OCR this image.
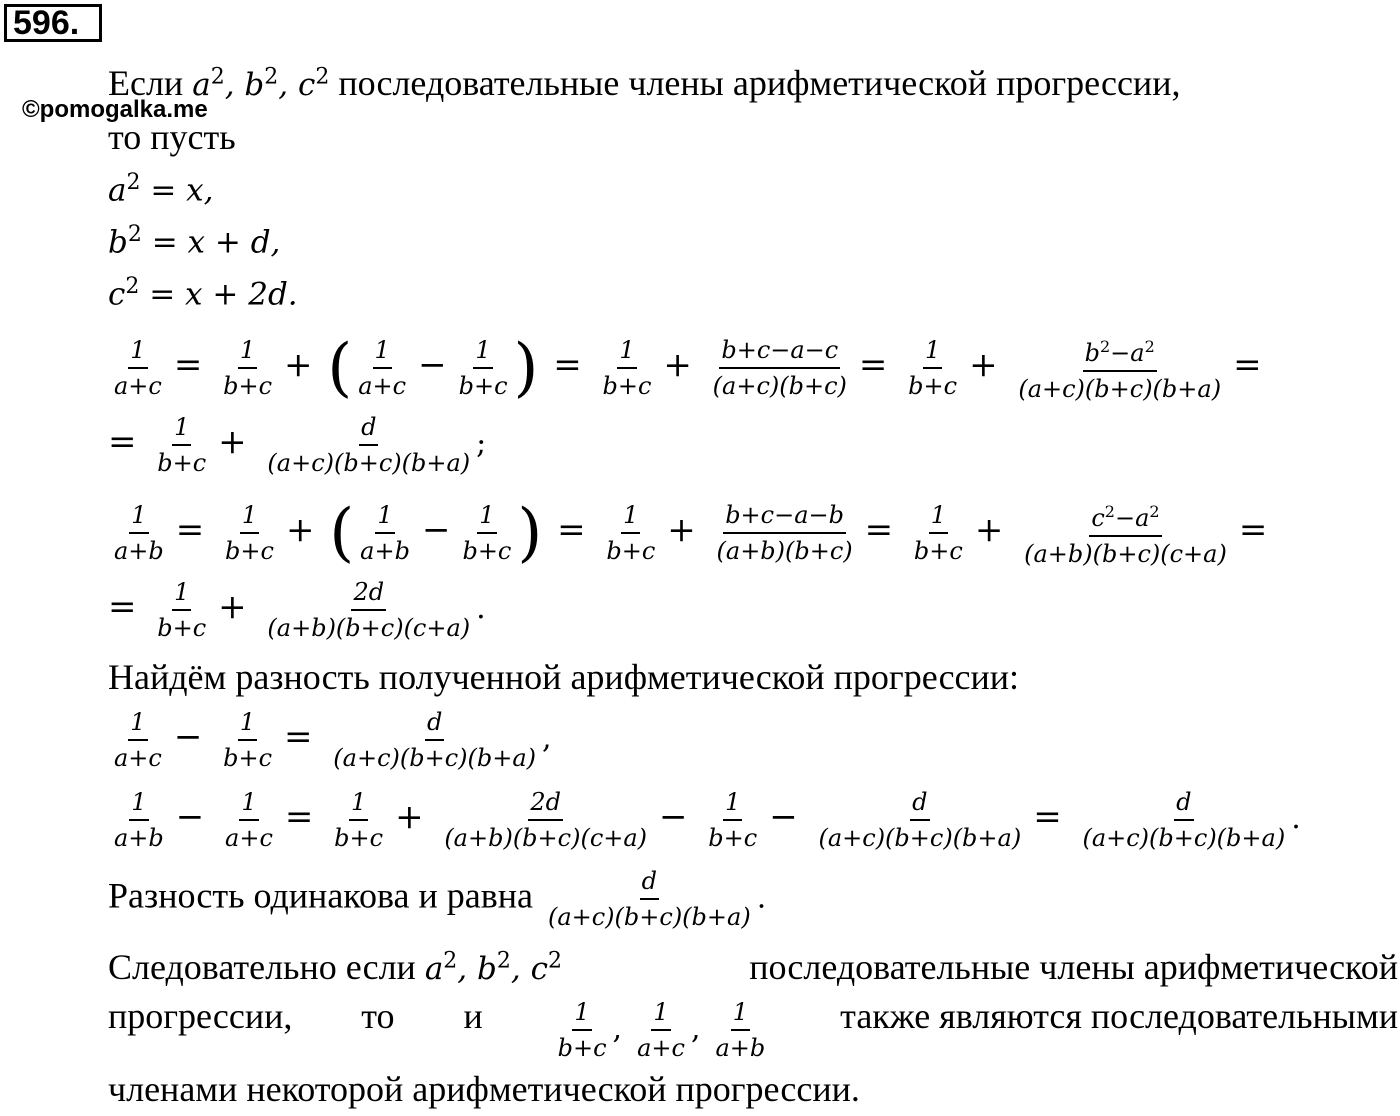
596.
©pomogalka.me
Если $a^2$, $b^2$, $c^2$ последовательные члены арифметической прогрессии,
то пусть
$a^2 = x$,
$b^2 = x + d$,
$c^2 = x + 2d$.
$\frac{1}{a+c} = \frac{1}{b+c}$ + ( $\frac{1}{a+c} - \frac{1}{b+c}$ ) = $\frac{1}{b+c} + \frac{b+c-a-c}{(a+c)(b+c)} = \frac{1}{b+c} + \frac{b^2-a^2}{(a+c)(b+c)(b+a)}$ =
= $\frac{1}{b+c} + \frac{d}{(a+c)(b+c)(b+a)}$ ;
$\frac{1}{a+b} = \frac{1}{b+c}$ + ( $\frac{1}{a+b} - \frac{1}{b+c}$ ) = $\frac{1}{b+c} + \frac{b+c-a-b}{(a+b)(b+c)} = \frac{1}{b+c} + \frac{c^2-a^2}{(a+b)(b+c)(c+a)}$ =
= $\frac{1}{b+c} + \frac{2d}{(a+b)(b+c)(c+a)}$ .
Найдём разность полученной арифметической прогрессии:
$\frac{1}{a+c} - \frac{1}{b+c} = \frac{d}{(a+c)(b+c)(b+a)}$ ,
$\frac{1}{a+b} - \frac{1}{a+c} = \frac{1}{b+c} + \frac{2d}{(a+b)(b+c)(c+a)} - \frac{1}{b+c} - \frac{d}{(a+c)(b+c)(b+a)} = \frac{d}{(a+c)(b+c)(b+a)}$ .
Разность одинакова и равна $\frac{d}{(a+c)(b+c)(b+a)}$ .
Следовательно если $a^2$, $b^2$, $c^2$	последовательные члены арифметической
прогрессии, то и	$\frac{1}{b+c}$ , $\frac{1}{a+c}$ , $\frac{1}{a+b}$ также являются последовательными
членами некоторой арифметической прогрессии.
